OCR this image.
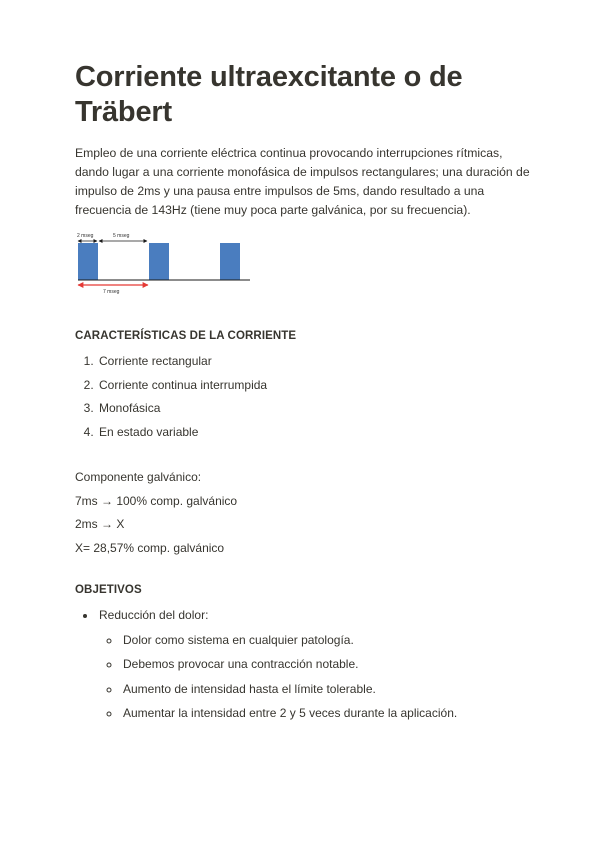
Corriente ultraexcitante o de Träbert

Empleo de una corriente eléctrica continua provocando interrupciones rítmicas, dando lugar a una corriente monofásica de impulsos rectangulares; una duración de impulso de 2ms y una pausa entre impulsos de 5ms, dando resultado a una frecuencia de 143Hz (tiene muy poca parte galvánica, por su frecuencia).

2 mseg	5 mseg
7 mseg
CARACTERÍSTICAS DE LA CORRIENTE
1. Corriente rectangular
2. Corriente continua interrumpida
3. Monofásica
4. En estado variable

Componente galvánico:

7ms → 100% comp. galvánico

2ms → X

X= 28,57% comp. galvánico

OBJETIVOS
• Reducción del dolor:
◦ Dolor como sistema en cualquier patología.
◦ Debemos provocar una contracción notable.
◦ Aumento de intensidad hasta el límite tolerable.
◦ Aumentar la intensidad entre 2 y 5 veces durante la aplicación.
